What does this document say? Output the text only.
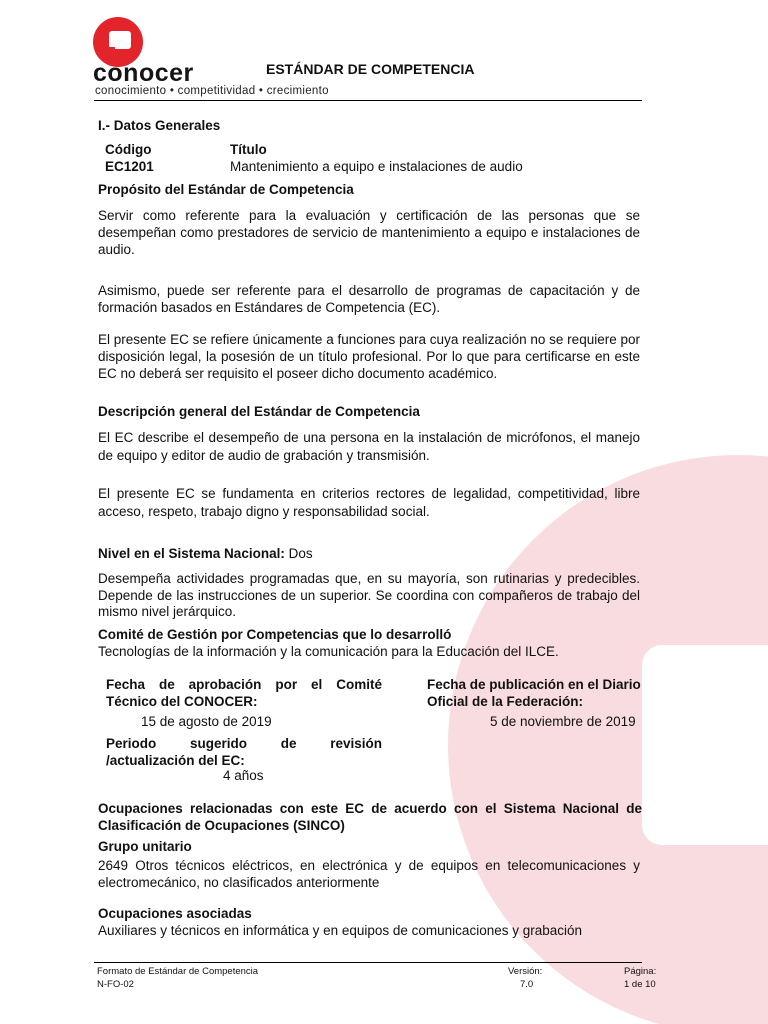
conocer
conocimiento • competitividad • crecimiento
ESTÁNDAR DE COMPETENCIA
I.- Datos Generales
Código	Título
EC1201	Mantenimiento a equipo e instalaciones de audio
Propósito del Estándar de Competencia
Servir como referente para la evaluación y certificación de las personas que se desempeñan como prestadores de servicio de mantenimiento a equipo e instalaciones de audio.
Asimismo, puede ser referente para el desarrollo de programas de capacitación y de formación basados en Estándares de Competencia (EC).
El presente EC se refiere únicamente a funciones para cuya realización no se requiere por disposición legal, la posesión de un título profesional. Por lo que para certificarse en este EC no deberá ser requisito el poseer dicho documento académico.
Descripción general del Estándar de Competencia
El EC describe el desempeño de una persona en la instalación de micrófonos, el manejo de equipo y editor de audio de grabación y transmisión.
El presente EC se fundamenta en criterios rectores de legalidad, competitividad, libre acceso, respeto, trabajo digno y responsabilidad social.
Nivel en el Sistema Nacional: Dos
Desempeña actividades programadas que, en su mayoría, son rutinarias y predecibles. Depende de las instrucciones de un superior. Se coordina con compañeros de trabajo del mismo nivel jerárquico.
Comité de Gestión por Competencias que lo desarrolló
Tecnologías de la información y la comunicación para la Educación del ILCE.
Fecha de aprobación por el Comité Técnico del CONOCER:
15 de agosto de 2019
Fecha de publicación en el Diario Oficial de la Federación:
5 de noviembre de 2019
Periodo sugerido de revisión /actualización del EC:
4 años
Ocupaciones relacionadas con este EC de acuerdo con el Sistema Nacional de Clasificación de Ocupaciones (SINCO)
Grupo unitario
2649 Otros técnicos eléctricos, en electrónica y de equipos en telecomunicaciones y electromecánico, no clasificados anteriormente
Ocupaciones asociadas
Auxiliares y técnicos en informática y en equipos de comunicaciones y grabación
Formato de Estándar de Competencia
N-FO-02
Versión:
7.0
Página:
1 de 10
